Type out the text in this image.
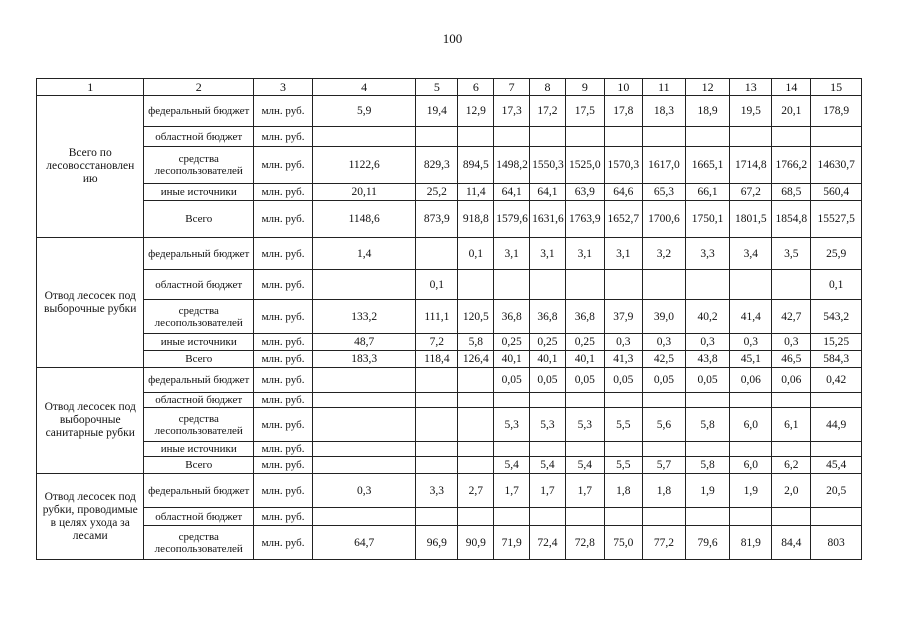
100
1	2	3	4	5	6	7	8	9	10	11	12	13	14	15
Всего по лесовосстановлен ию	федеральный бюджет	млн. руб.	5,9	19,4	12,9	17,3	17,2	17,5	17,8	18,3	18,9	19,5	20,1	178,9
	областной бюджет	млн. руб.												
	средства лесопользователей	млн. руб.	1122,6	829,3	894,5	1498,2	1550,3	1525,0	1570,3	1617,0	1665,1	1714,8	1766,2	14630,7
	иные источники	млн. руб.	20,11	25,2	11,4	64,1	64,1	63,9	64,6	65,3	66,1	67,2	68,5	560,4
	Всего	млн. руб.	1148,6	873,9	918,8	1579,6	1631,6	1763,9	1652,7	1700,6	1750,1	1801,5	1854,8	15527,5
Отвод лесосек под выборочные рубки	федеральный бюджет	млн. руб.	1,4		0,1	3,1	3,1	3,1	3,1	3,2	3,3	3,4	3,5	25,9
	областной бюджет	млн. руб.		0,1										0,1
	средства лесопользователей	млн. руб.	133,2	111,1	120,5	36,8	36,8	36,8	37,9	39,0	40,2	41,4	42,7	543,2
	иные источники	млн. руб.	48,7	7,2	5,8	0,25	0,25	0,25	0,3	0,3	0,3	0,3	0,3	15,25
	Всего	млн. руб.	183,3	118,4	126,4	40,1	40,1	40,1	41,3	42,5	43,8	45,1	46,5	584,3
Отвод лесосек под выборочные санитарные рубки	федеральный бюджет	млн. руб.				0,05	0,05	0,05	0,05	0,05	0,05	0,06	0,06	0,42
	областной бюджет	млн. руб.												
	средства лесопользователей	млн. руб.				5,3	5,3	5,3	5,5	5,6	5,8	6,0	6,1	44,9
	иные источники	млн. руб.												
	Всего	млн. руб.				5,4	5,4	5,4	5,5	5,7	5,8	6,0	6,2	45,4
Отвод лесосек под рубки, проводимые в целях ухода за лесами	федеральный бюджет	млн. руб.	0,3	3,3	2,7	1,7	1,7	1,7	1,8	1,8	1,9	1,9	2,0	20,5
	областной бюджет	млн. руб.												
	средства лесопользователей	млн. руб.	64,7	96,9	90,9	71,9	72,4	72,8	75,0	77,2	79,6	81,9	84,4	803
